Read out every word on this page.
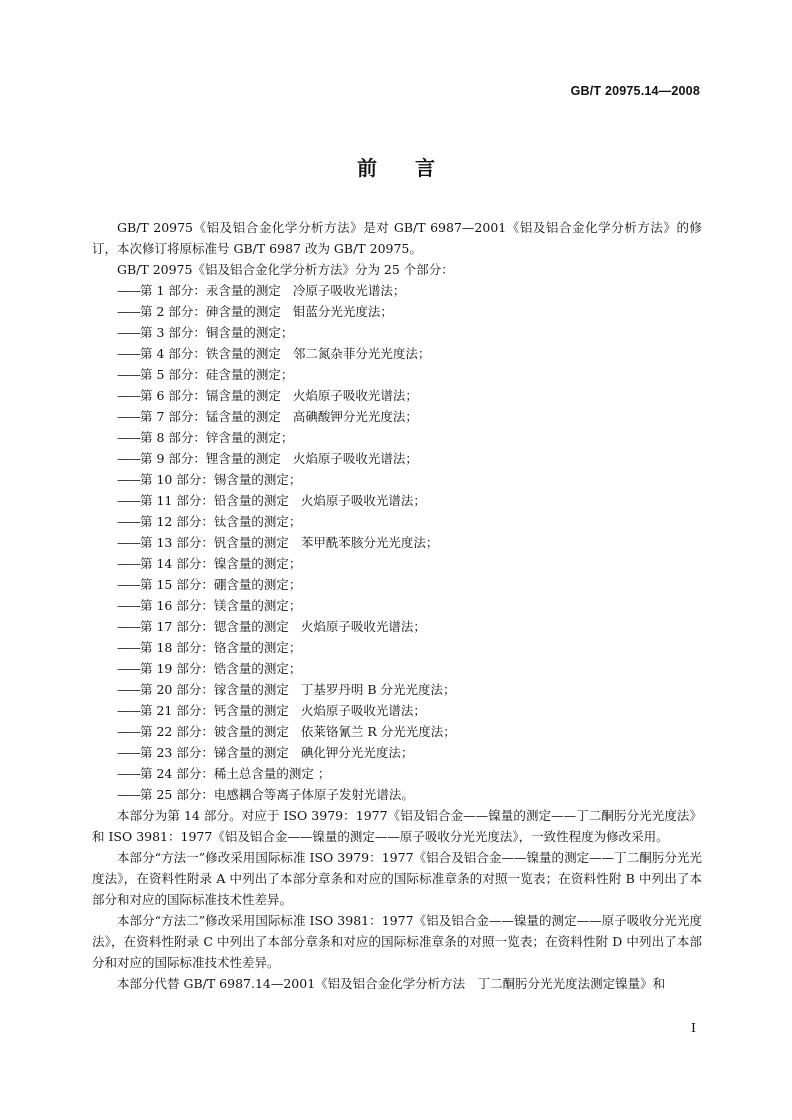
GB/T 20975.14—2008
前 言

GB/T 20975《铝及铝合金化学分析方法》是对 GB/T 6987—2001《铝及铝合金化学分析方法》的修订，本次修订将原标准号 GB/T 6987 改为 GB/T 20975。

GB/T 20975《铝及铝合金化学分析方法》分为 25 个部分：

——第 1 部分：汞含量的测定 冷原子吸收光谱法；

——第 2 部分：砷含量的测定 钼蓝分光光度法；

——第 3 部分：铜含量的测定；

——第 4 部分：铁含量的测定 邻二氮杂菲分光光度法；

——第 5 部分：硅含量的测定；

——第 6 部分：镉含量的测定 火焰原子吸收光谱法；

——第 7 部分：锰含量的测定 高碘酸钾分光光度法；

——第 8 部分：锌含量的测定；

——第 9 部分：锂含量的测定 火焰原子吸收光谱法；

——第 10 部分：锡含量的测定；

——第 11 部分：铅含量的测定 火焰原子吸收光谱法；

——第 12 部分：钛含量的测定；

——第 13 部分：钒含量的测定 苯甲酰苯胲分光光度法；

——第 14 部分：镍含量的测定；

——第 15 部分：硼含量的测定；

——第 16 部分：镁含量的测定；

——第 17 部分：锶含量的测定 火焰原子吸收光谱法；

——第 18 部分：铬含量的测定；

——第 19 部分：锆含量的测定；

——第 20 部分：镓含量的测定 丁基罗丹明 B 分光光度法；

——第 21 部分：钙含量的测定 火焰原子吸收光谱法；

——第 22 部分：铍含量的测定 依莱铬氰兰 R 分光光度法；

——第 23 部分：锑含量的测定 碘化钾分光光度法；

——第 24 部分：稀土总含量的测定 ；

——第 25 部分：电感耦合等离子体原子发射光谱法。

本部分为第 14 部分。对应于 ISO 3979：1977《铝及铝合金——镍量的测定——丁二酮肟分光光度法》和 ISO 3981：1977《铝及铝合金——镍量的测定——原子吸收分光光度法》，一致性程度为修改采用。

本部分“方法一”修改采用国际标准 ISO 3979：1977《铝合及铝合金——镍量的测定——丁二酮肟分光光度法》，在资料性附录 A 中列出了本部分章条和对应的国际标准章条的对照一览表；在资料性附 B 中列出了本部分和对应的国际标准技术性差异。

本部分“方法二”修改采用国际标准 ISO 3981：1977《铝及铝合金——镍量的测定——原子吸收分光光度法》，在资料性附录 C 中列出了本部分章条和对应的国际标准章条的对照一览表；在资料性附 D 中列出了本部分和对应的国际标准技术性差异。

本部分代替 GB/T 6987.14—2001《铝及铝合金化学分析方法　丁二酮肟分光光度法测定镍量》和

I
